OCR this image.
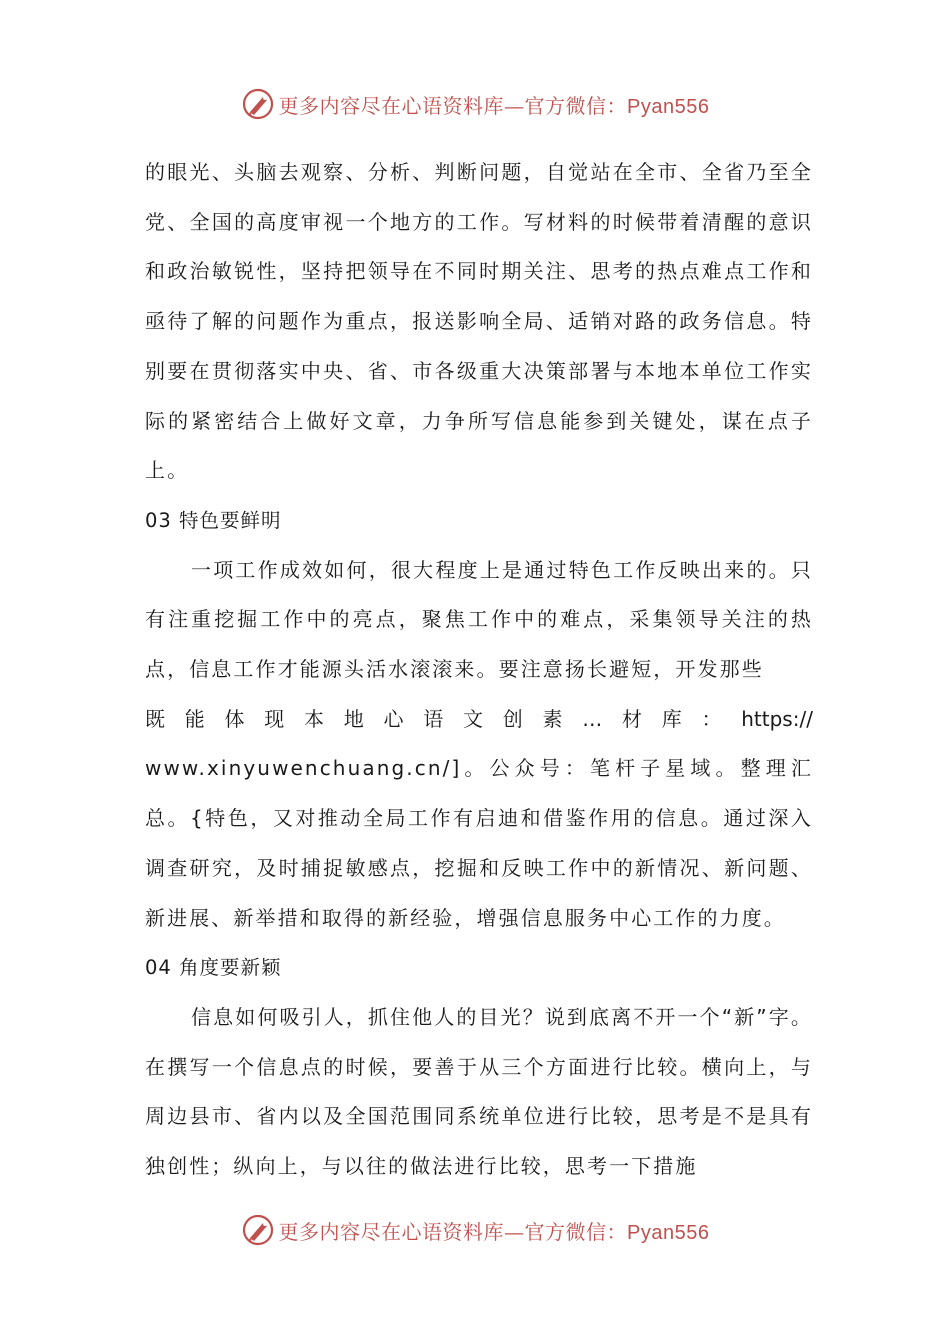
更多内容尽在心语资料库—官方微信：Pyan556

的眼光、头脑去观察、分析、判断问题，自觉站在全市、全省乃至全党、全国的高度审视一个地方的工作。写材料的时候带着清醒的意识和政治敏锐性，坚持把领导在不同时期关注、思考的热点难点工作和亟待了解的问题作为重点，报送影响全局、适销对路的政务信息。特别要在贯彻落实中央、省、市各级重大决策部署与本地本单位工作实际的紧密结合上做好文章，力争所写信息能参到关键处，谋在点子上。

03 特色要鲜明

一项工作成效如何，很大程度上是通过特色工作反映出来的。只有注重挖掘工作中的亮点，聚焦工作中的难点，采集领导关注的热点，信息工作才能源头活水滚滚来。要注意扬长避短，开发那些

既 能 体 现 本 地 心 语 文 创 素 … 材 库 ： https://

www.xinyuwenchuang.cn/]。公众号：笔杆子星域。整理汇总。{特色，又对推动全局工作有启迪和借鉴作用的信息。通过深入调查研究，及时捕捉敏感点，挖掘和反映工作中的新情况、新问题、新进展、新举措和取得的新经验，增强信息服务中心工作的力度。

04 角度要新颖

信息如何吸引人，抓住他人的目光？说到底离不开一个“新”字。在撰写一个信息点的时候，要善于从三个方面进行比较。横向上，与周边县市、省内以及全国范围同系统单位进行比较，思考是不是具有独创性；纵向上，与以往的做法进行比较，思考一下措施

更多内容尽在心语资料库—官方微信：Pyan556
